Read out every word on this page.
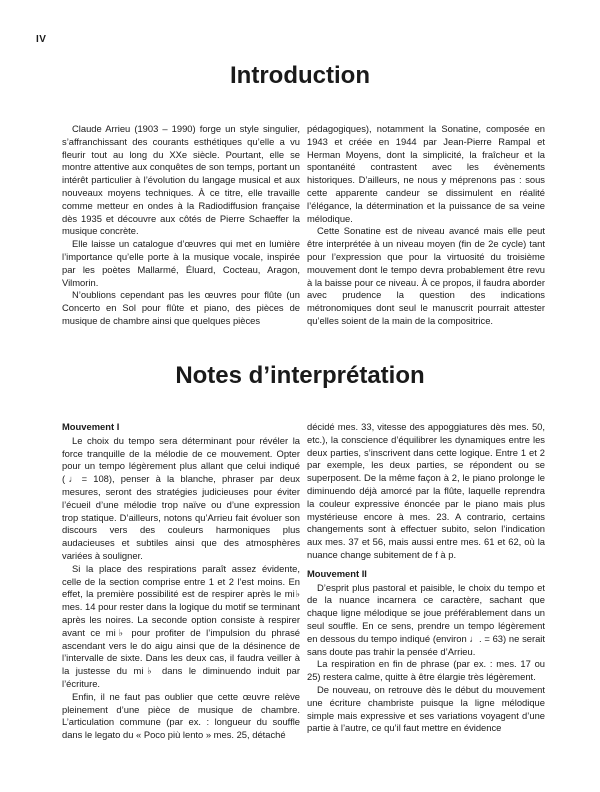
IV
Introduction

Claude Arrieu (1903 – 1990) forge un style singulier, s’affranchissant des courants esthétiques qu’elle a vu fleurir tout au long du XXe siècle. Pourtant, elle se montre attentive aux conquêtes de son temps, portant un intérêt particulier à l’évolution du langage musical et aux nouveaux moyens techniques. À ce titre, elle travaille comme metteur en ondes à la Radiodiffusion française dès 1935 et découvre aux côtés de Pierre Schaeffer la musique concrète.

Elle laisse un catalogue d’œuvres qui met en lumière l’importance qu’elle porte à la musique vocale, inspirée par les poètes Mallarmé, Éluard, Cocteau, Aragon, Vilmorin.

N’oublions cependant pas les œuvres pour flûte (un Concerto en Sol pour flûte et piano, des pièces de musique de chambre ainsi que quelques pièces

pédagogiques), notamment la Sonatine, composée en 1943 et créée en 1944 par Jean-Pierre Rampal et Herman Moyens, dont la simplicité, la fraîcheur et la spontanéité contrastent avec les évènements historiques. D’ailleurs, ne nous y méprenons pas : sous cette apparente candeur se dissimulent en réalité l’élégance, la détermination et la puissance de sa veine mélodique.

Cette Sonatine est de niveau avancé mais elle peut être interprétée à un niveau moyen (fin de 2e cycle) tant pour l’expression que pour la virtuosité du troisième mouvement dont le tempo devra probablement être revu à la baisse pour ce niveau. À ce propos, il faudra aborder avec prudence la question des indications métronomiques dont seul le manuscrit pourrait attester qu’elles soient de la main de la compositrice.

Notes d’interprétation

Mouvement I

Le choix du tempo sera déterminant pour révéler la force tranquille de la mélodie de ce mouvement. Opter pour un tempo légèrement plus allant que celui indiqué (♩= 108), penser à la blanche, phraser par deux mesures, seront des stratégies judicieuses pour éviter l’écueil d’une mélodie trop naïve ou d’une expression trop statique. D’ailleurs, notons qu’Arrieu fait évoluer son discours vers des couleurs harmoniques plus audacieuses et subtiles ainsi que des atmosphères variées à souligner.

Si la place des respirations paraît assez évidente, celle de la section comprise entre 1 et 2 l’est moins. En effet, la première possibilité est de respirer après le mi♭ mes. 14 pour rester dans la logique du motif se terminant après les noires. La seconde option consiste à respirer avant ce mi♭ pour profiter de l’impulsion du phrasé ascendant vers le do aigu ainsi que de la désinence de l’intervalle de sixte. Dans les deux cas, il faudra veiller à la justesse du mi♭ dans le diminuendo induit par l’écriture.

Enfin, il ne faut pas oublier que cette œuvre relève pleinement d’une pièce de musique de chambre. L’articulation commune (par ex. : longueur du souffle dans le legato du « Poco più lento » mes. 25, détaché

décidé mes. 33, vitesse des appoggiatures dès mes. 50, etc.), la conscience d’équilibrer les dynamiques entre les deux parties, s’inscrivent dans cette logique. Entre 1 et 2 par exemple, les deux parties, se répondent ou se superposent. De la même façon à 2, le piano prolonge le diminuendo déjà amorcé par la flûte, laquelle reprendra la couleur expressive énoncée par le piano mais plus mystérieuse encore à mes. 23. A contrario, certains changements sont à effectuer subito, selon l’indication aux mes. 37 et 56, mais aussi entre mes. 61 et 62, où la nuance change subitement de f à p.

Mouvement II

D’esprit plus pastoral et paisible, le choix du tempo et de la nuance incarnera ce caractère, sachant que chaque ligne mélodique se joue préférablement dans un seul souffle. En ce sens, prendre un tempo légèrement en dessous du tempo indiqué (environ ♩. = 63) ne serait sans doute pas trahir la pensée d’Arrieu.

La respiration en fin de phrase (par ex. : mes. 17 ou 25) restera calme, quitte à être élargie très légèrement.

De nouveau, on retrouve dès le début du mouvement une écriture chambriste puisque la ligne mélodique simple mais expressive et ses variations voyagent d’une partie à l’autre, ce qu’il faut mettre en évidence
